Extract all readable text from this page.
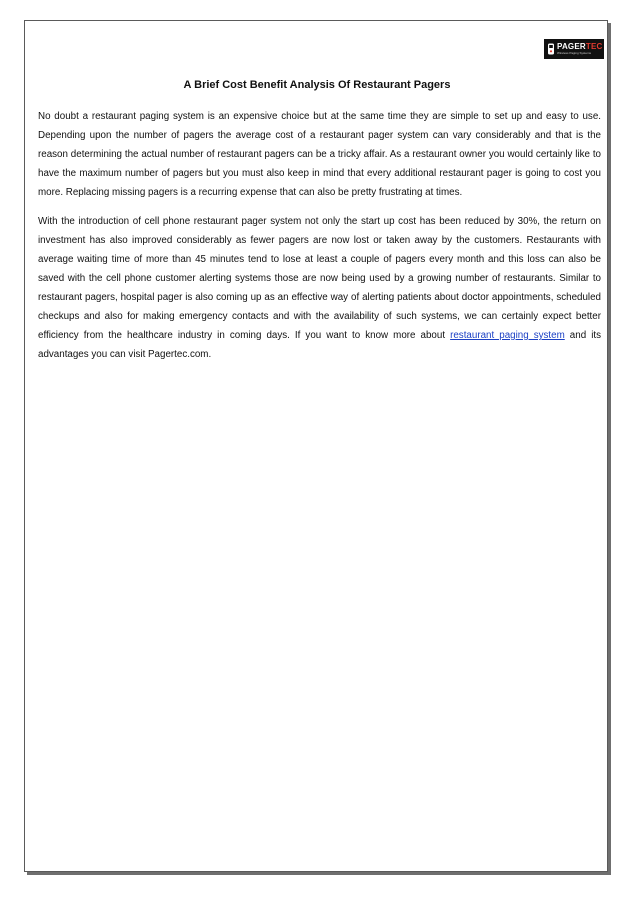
PAGERTEC
Wireless Paging Systems
A Brief Cost Benefit Analysis Of Restaurant Pagers

No doubt a restaurant paging system is an expensive choice but at the same time they are simple to set up and easy to use. Depending upon the number of pagers the average cost of a restaurant pager system can vary considerably and that is the reason determining the actual number of restaurant pagers can be a tricky affair. As a restaurant owner you would certainly like to have the maximum number of pagers but you must also keep in mind that every additional restaurant pager is going to cost you more. Replacing missing pagers is a recurring expense that can also be pretty frustrating at times.

With the introduction of cell phone restaurant pager system not only the start up cost has been reduced by 30%, the return on investment has also improved considerably as fewer pagers are now lost or taken away by the customers. Restaurants with average waiting time of more than 45 minutes tend to lose at least a couple of pagers every month and this loss can also be saved with the cell phone customer alerting systems those are now being used by a growing number of restaurants. Similar to restaurant pagers, hospital pager is also coming up as an effective way of alerting patients about doctor appointments, scheduled checkups and also for making emergency contacts and with the availability of such systems, we can certainly expect better efficiency from the healthcare industry in coming days. If you want to know more about restaurant paging system and its advantages you can visit Pagertec.com.
